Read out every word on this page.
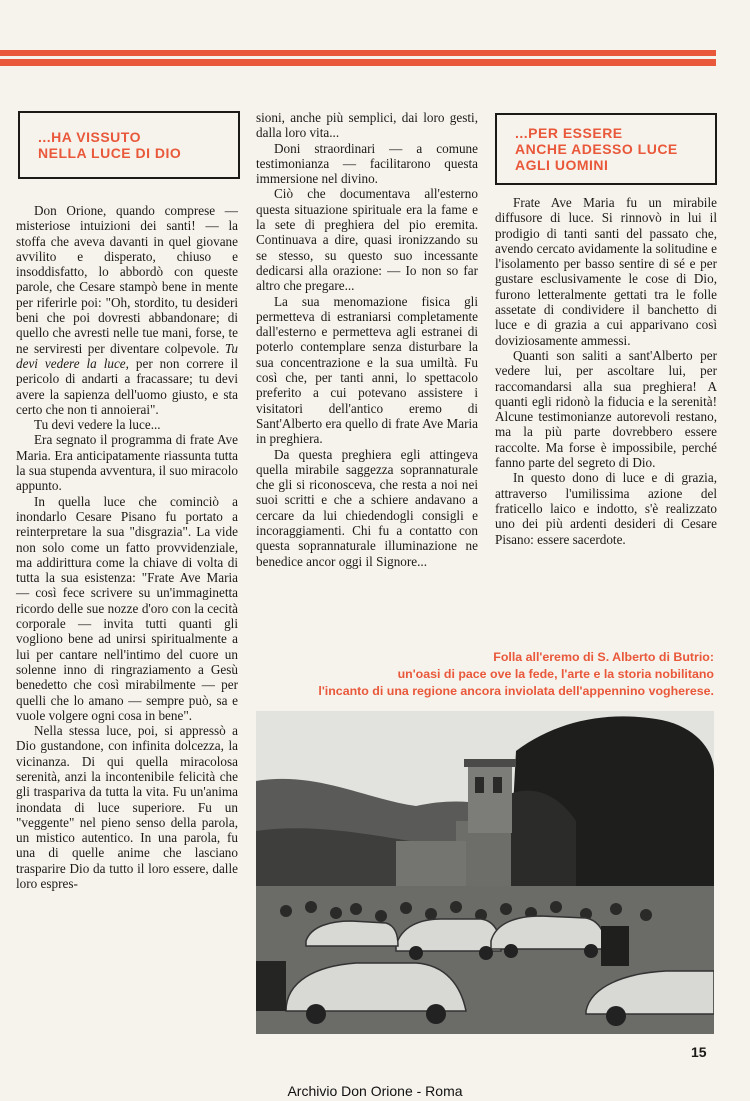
...HA VISSUTO
NELLA LUCE DI DIO
...PER ESSERE
ANCHE ADESSO LUCE
AGLI UOMINI

Don Orione, quando comprese — misteriose intuizioni dei santi! — la stoffa che aveva davanti in quel giovane avvilito e disperato, chiuso e insoddisfatto, lo abbordò con queste parole, che Cesare stampò bene in mente per riferirle poi: "Oh, stordito, tu desideri beni che poi dovresti abbandonare; di quello che avresti nelle tue mani, forse, te ne serviresti per diventare colpevole. Tu devi vedere la luce, per non correre il pericolo di andarti a fracassare; tu devi avere la sapienza dell'uomo giusto, e sta certo che non ti annoierai".

Tu devi vedere la luce...

Era segnato il programma di frate Ave Maria. Era anticipatamente riassunta tutta la sua stupenda avventura, il suo miracolo appunto.

In quella luce che cominciò a inondarlo Cesare Pisano fu portato a reinterpretare la sua "disgrazia". La vide non solo come un fatto provvidenziale, ma addirittura come la chiave di volta di tutta la sua esistenza: "Frate Ave Maria — così fece scrivere su un'immaginetta ricordo delle sue nozze d'oro con la cecità corporale — invita tutti quanti gli vogliono bene ad unirsi spiritualmente a lui per cantare nell'intimo del cuore un solenne inno di ringraziamento a Gesù benedetto che così mirabilmente — per quelli che lo amano — sempre può, sa e vuole volgere ogni cosa in bene".

Nella stessa luce, poi, si appressò a Dio gustandone, con infinita dolcezza, la vicinanza. Di qui quella miracolosa serenità, anzi la incontenibile felicità che gli traspariva da tutta la vita. Fu un'anima inondata di luce superiore. Fu un "veggente" nel pieno senso della parola, un mistico autentico. In una parola, fu una di quelle anime che lasciano trasparire Dio da tutto il loro essere, dalle loro espres-

sioni, anche più semplici, dai loro gesti, dalla loro vita...

Doni straordinari — a comune testimonianza — facilitarono questa immersione nel divino.

Ciò che documentava all'esterno questa situazione spirituale era la fame e la sete di preghiera del pio eremita. Continuava a dire, quasi ironizzando su se stesso, su questo suo incessante dedicarsi alla orazione: — Io non so far altro che pregare...

La sua menomazione fisica gli permetteva di estraniarsi completamente dall'esterno e permetteva agli estranei di poterlo contemplare senza disturbare la sua concentrazione e la sua umiltà. Fu così che, per tanti anni, lo spettacolo preferito a cui potevano assistere i visitatori dell'antico eremo di Sant'Alberto era quello di frate Ave Maria in preghiera.

Da questa preghiera egli attingeva quella mirabile saggezza soprannaturale che gli si riconosceva, che resta a noi nei suoi scritti e che a schiere andavano a cercare da lui chiedendogli consigli e incoraggiamenti. Chi fu a contatto con questa soprannaturale illuminazione ne benedice ancor oggi il Signore...

Frate Ave Maria fu un mirabile diffusore di luce. Si rinnovò in lui il prodigio di tanti santi del passato che, avendo cercato avidamente la solitudine e l'isolamento per basso sentire di sé e per gustare esclusivamente le cose di Dio, furono letteralmente gettati tra le folle assetate di condividere il banchetto di luce e di grazia a cui apparivano così doviziosamente ammessi.

Quanti son saliti a sant'Alberto per vedere lui, per ascoltare lui, per raccomandarsi alla sua preghiera! A quanti egli ridonò la fiducia e la serenità! Alcune testimonianze autorevoli restano, ma la più parte dovrebbero essere raccolte. Ma forse è impossibile, perché fanno parte del segreto di Dio.

In questo dono di luce e di grazia, attraverso l'umilissima azione del fraticello laico e indotto, s'è realizzato uno dei più ardenti desideri di Cesare Pisano: essere sacerdote.

Folla all'eremo di S. Alberto di Butrio:
un'oasi di pace ove la fede, l'arte e la storia nobilitano
l'incanto di una regione ancora inviolata dell'appennino vogherese.
15
Archivio Don Orione - Roma
